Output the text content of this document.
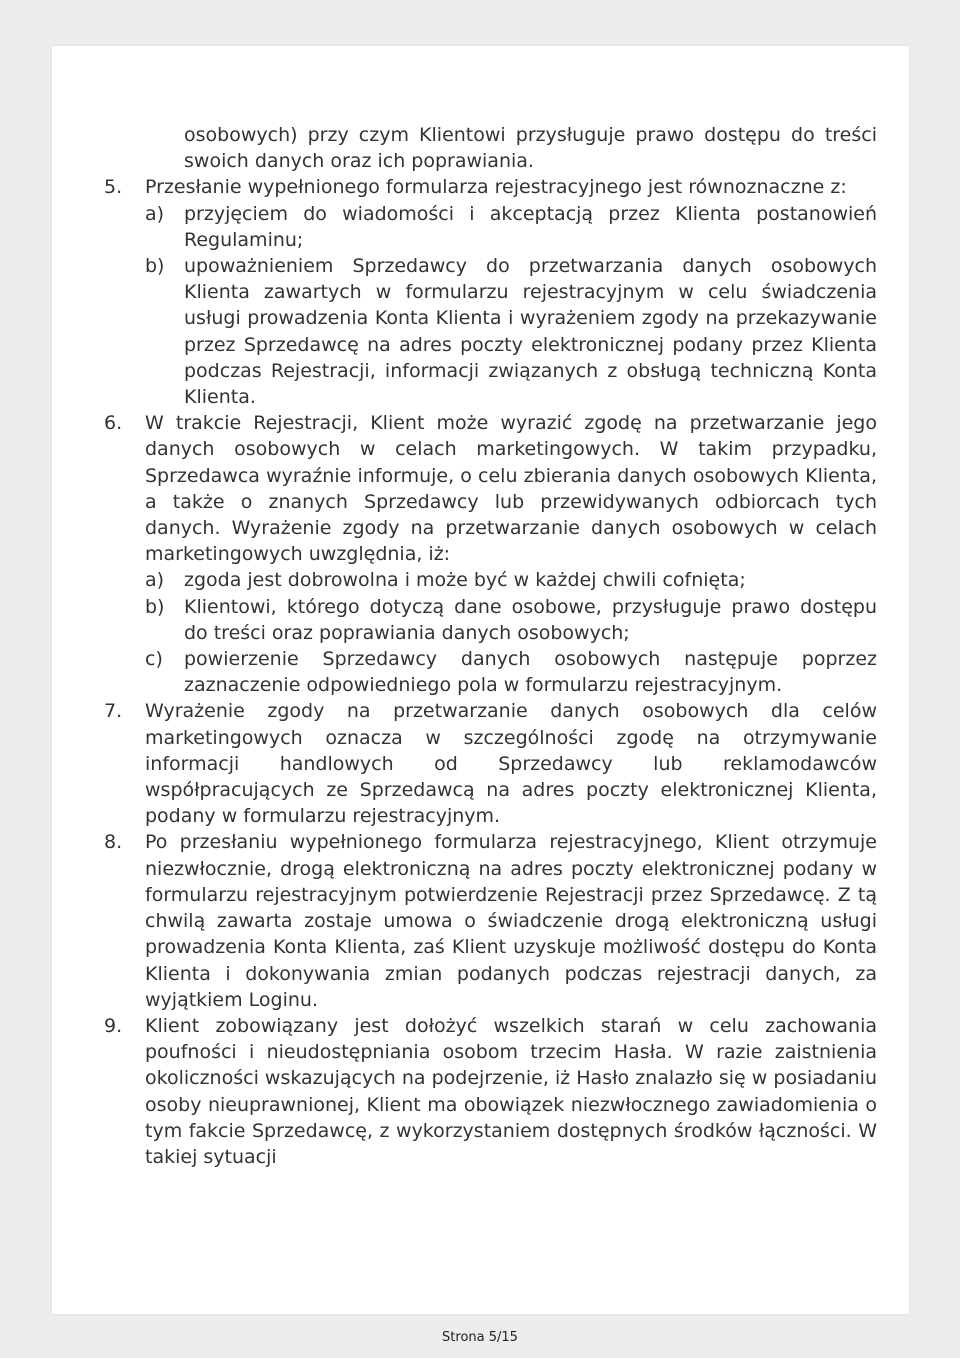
osobowych) przy czym Klientowi przysługuje prawo dostępu do treści swoich danych oraz ich poprawiania.

5.	Przesłanie wypełnionego formularza rejestracyjnego jest równoznaczne z:

a) przyjęciem do wiadomości i akceptacją przez Klienta postanowień Regulaminu;
b) upoważnieniem Sprzedawcy do przetwarzania danych osobowych Klienta zawartych w formularzu rejestracyjnym w celu świadczenia usługi prowadzenia Konta Klienta i wyrażeniem zgody na przekazywanie przez Sprzedawcę na adres poczty elektronicznej podany przez Klienta podczas Rejestracji, informacji związanych z obsługą techniczną Konta Klienta.
6.	W trakcie Rejestracji, Klient może wyrazić zgodę na przetwarzanie jego danych osobowych w celach marketingowych. W takim przypadku, Sprzedawca wyraźnie informuje, o celu zbierania danych osobowych Klienta, a także o znanych Sprzedawcy lub przewidywanych odbiorcach tych danych. Wyrażenie zgody na przetwarzanie danych osobowych w celach marketingowych uwzględnia, iż:

a) zgoda jest dobrowolna i może być w każdej chwili cofnięta;
b) Klientowi, którego dotyczą dane osobowe, przysługuje prawo dostępu do treści oraz poprawiania danych osobowych;
c) powierzenie Sprzedawcy danych osobowych następuje poprzez zaznaczenie odpowiedniego pola w formularzu rejestracyjnym.
7.	Wyrażenie zgody na przetwarzanie danych osobowych dla celów marketingowych oznacza w szczególności zgodę na otrzymywanie informacji handlowych od Sprzedawcy lub reklamodawców współpracujących ze Sprzedawcą na adres poczty elektronicznej Klienta, podany w formularzu rejestracyjnym.

8.	Po przesłaniu wypełnionego formularza rejestracyjnego, Klient otrzymuje niezwłocznie, drogą elektroniczną na adres poczty elektronicznej podany w formularzu rejestracyjnym potwierdzenie Rejestracji przez Sprzedawcę. Z tą chwilą zawarta zostaje umowa o świadczenie drogą elektroniczną usługi prowadzenia Konta Klienta, zaś Klient uzyskuje możliwość dostępu do Konta Klienta i dokonywania zmian podanych podczas rejestracji danych, za wyjątkiem Loginu.

9.	Klient zobowiązany jest dołożyć wszelkich starań w celu zachowania poufności i nieudostępniania osobom trzecim Hasła. W razie zaistnienia okoliczności wskazujących na podejrzenie, iż Hasło znalazło się w posiadaniu osoby nieuprawnionej, Klient ma obowiązek niezwłocznego zawiadomienia o tym fakcie Sprzedawcę, z wykorzystaniem dostępnych środków łączności. W takiej sytuacji

Strona 5/15
